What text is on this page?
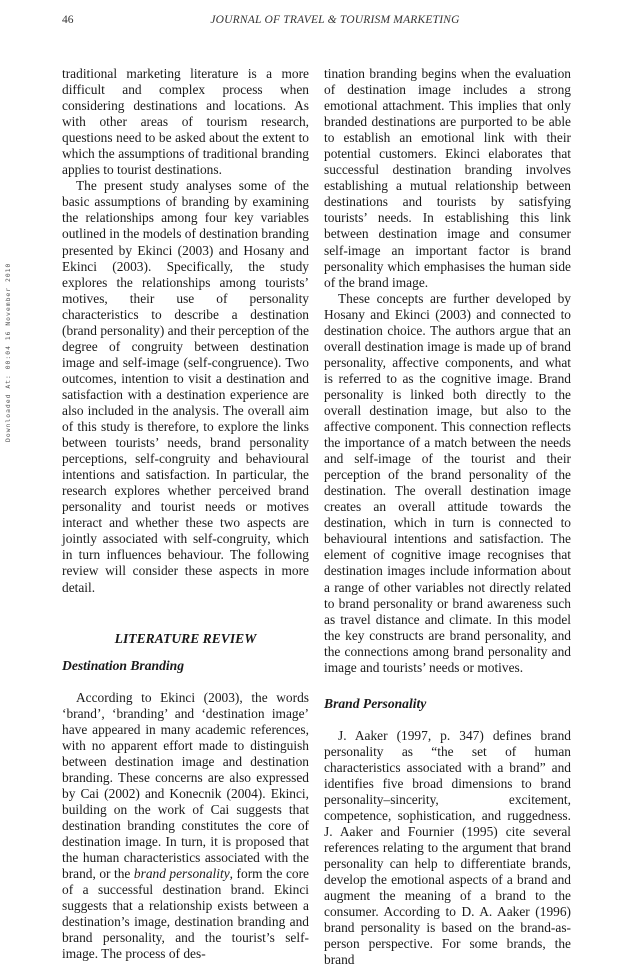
46	JOURNAL OF TRAVEL & TOURISM MARKETING
Downloaded At: 00:04 16 November 2010

traditional marketing literature is a more difficult and complex process when considering destinations and locations. As with other areas of tourism research, questions need to be asked about the extent to which the assumptions of traditional branding applies to tourist destinations.

The present study analyses some of the basic assumptions of branding by examining the relationships among four key variables outlined in the models of destination branding presented by Ekinci (2003) and Hosany and Ekinci (2003). Specifically, the study explores the relationships among tourists’ motives, their use of personality characteristics to describe a destination (brand personality) and their perception of the degree of congruity between destination image and self-image (self-congruence). Two outcomes, intention to visit a destination and satisfaction with a destination experience are also included in the analysis. The overall aim of this study is therefore, to explore the links between tourists’ needs, brand personality perceptions, self-congruity and behavioural intentions and satisfaction. In particular, the research explores whether perceived brand personality and tourist needs or motives interact and whether these two aspects are jointly associated with self-congruity, which in turn influences behaviour. The following review will consider these aspects in more detail.

LITERATURE REVIEW

Destination Branding

According to Ekinci (2003), the words ‘brand’, ‘branding’ and ‘destination image’ have appeared in many academic references, with no apparent effort made to distinguish between destination image and destination branding. These concerns are also expressed by Cai (2002) and Konecnik (2004). Ekinci, building on the work of Cai suggests that destination branding constitutes the core of destination image. In turn, it is proposed that the human characteristics associated with the brand, or the brand personality, form the core of a successful destination brand. Ekinci suggests that a relationship exists between a destination’s image, destination branding and brand personality, and the tourist’s self-image. The process of des-

tination branding begins when the evaluation of destination image includes a strong emotional attachment. This implies that only branded destinations are purported to be able to establish an emotional link with their potential customers. Ekinci elaborates that successful destination branding involves establishing a mutual relationship between destinations and tourists by satisfying tourists’ needs. In establishing this link between destination image and consumer self-image an important factor is brand personality which emphasises the human side of the brand image.

These concepts are further developed by Hosany and Ekinci (2003) and connected to destination choice. The authors argue that an overall destination image is made up of brand personality, affective components, and what is referred to as the cognitive image. Brand personality is linked both directly to the overall destination image, but also to the affective component. This connection reflects the importance of a match between the needs and self-image of the tourist and their perception of the brand personality of the destination. The overall destination image creates an overall attitude towards the destination, which in turn is connected to behavioural intentions and satisfaction. The element of cognitive image recognises that destination images include information about a range of other variables not directly related to brand personality or brand awareness such as travel distance and climate. In this model the key constructs are brand personality, and the connections among brand personality and image and tourists’ needs or motives.

Brand Personality

J. Aaker (1997, p. 347) defines brand personality as “the set of human characteristics associated with a brand” and identifies five broad dimensions to brand personality–sincerity, excitement, competence, sophistication, and ruggedness. J. Aaker and Fournier (1995) cite several references relating to the argument that brand personality can help to differentiate brands, develop the emotional aspects of a brand and augment the meaning of a brand to the consumer. According to D. A. Aaker (1996) brand personality is based on the brand-as-person perspective. For some brands, the brand
